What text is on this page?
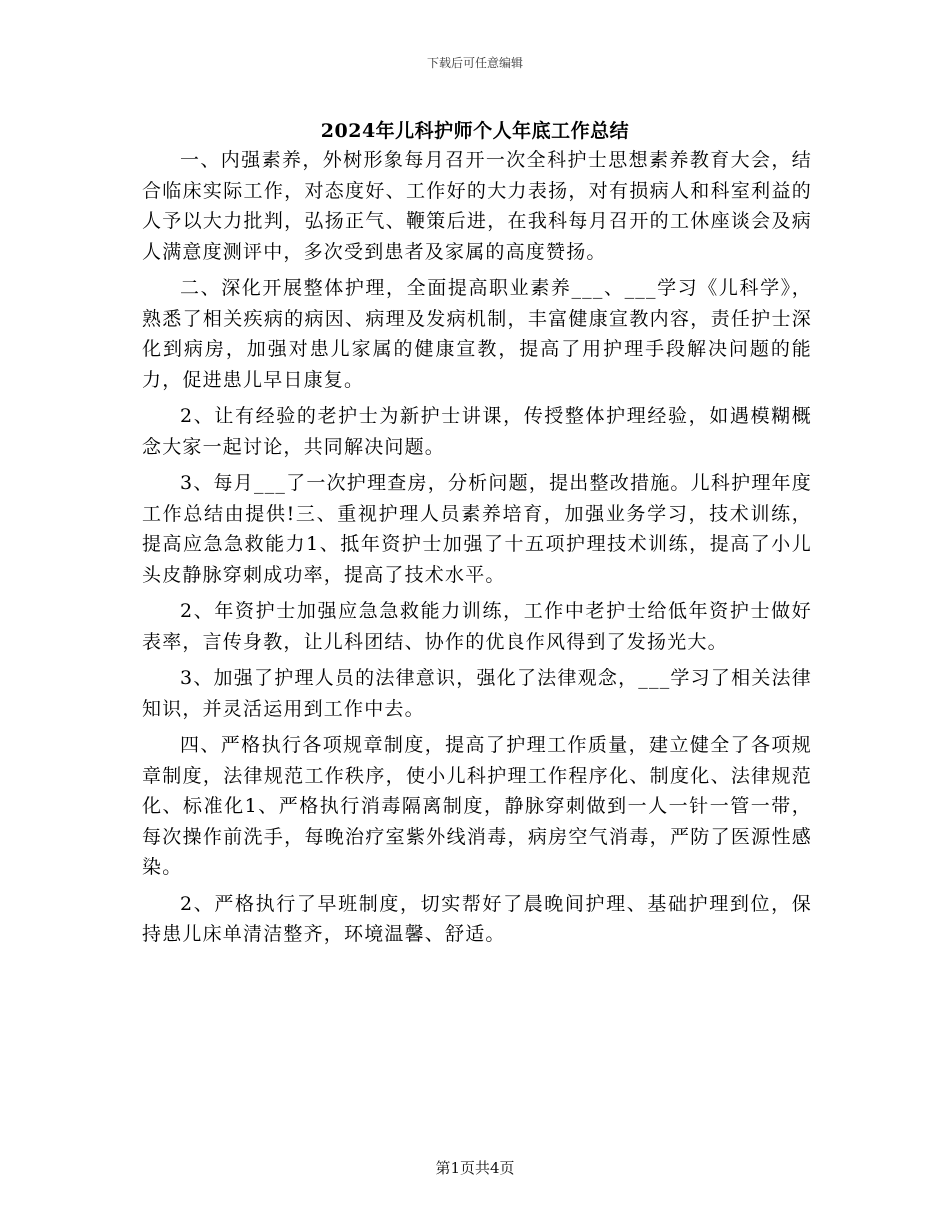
下载后可任意编辑
2024年儿科护师个人年底工作总结

一、内强素养，外树形象每月召开一次全科护士思想素养教育大会，结合临床实际工作，对态度好、工作好的大力表扬，对有损病人和科室利益的人予以大力批判，弘扬正气、鞭策后进，在我科每月召开的工休座谈会及病人满意度测评中，多次受到患者及家属的高度赞扬。

二、深化开展整体护理，全面提高职业素养___、___学习《儿科学》，熟悉了相关疾病的病因、病理及发病机制，丰富健康宣教内容，责任护士深化到病房，加强对患儿家属的健康宣教，提高了用护理手段解决问题的能力，促进患儿早日康复。

2、让有经验的老护士为新护士讲课，传授整体护理经验，如遇模糊概念大家一起讨论，共同解决问题。

3、每月___了一次护理查房，分析问题，提出整改措施。儿科护理年度工作总结由提供!三、重视护理人员素养培育，加强业务学习，技术训练，提高应急急救能力1、抵年资护士加强了十五项护理技术训练，提高了小儿头皮静脉穿刺成功率，提高了技术水平。

2、年资护士加强应急急救能力训练，工作中老护士给低年资护士做好表率，言传身教，让儿科团结、协作的优良作风得到了发扬光大。

3、加强了护理人员的法律意识，强化了法律观念，___学习了相关法律知识，并灵活运用到工作中去。

四、严格执行各项规章制度，提高了护理工作质量，建立健全了各项规章制度，法律规范工作秩序，使小儿科护理工作程序化、制度化、法律规范化、标准化1、严格执行消毒隔离制度，静脉穿刺做到一人一针一管一带，每次操作前洗手，每晚治疗室紫外线消毒，病房空气消毒，严防了医源性感染。

2、严格执行了早班制度，切实帮好了晨晚间护理、基础护理到位，保持患儿床单清洁整齐，环境温馨、舒适。

第1页共4页
